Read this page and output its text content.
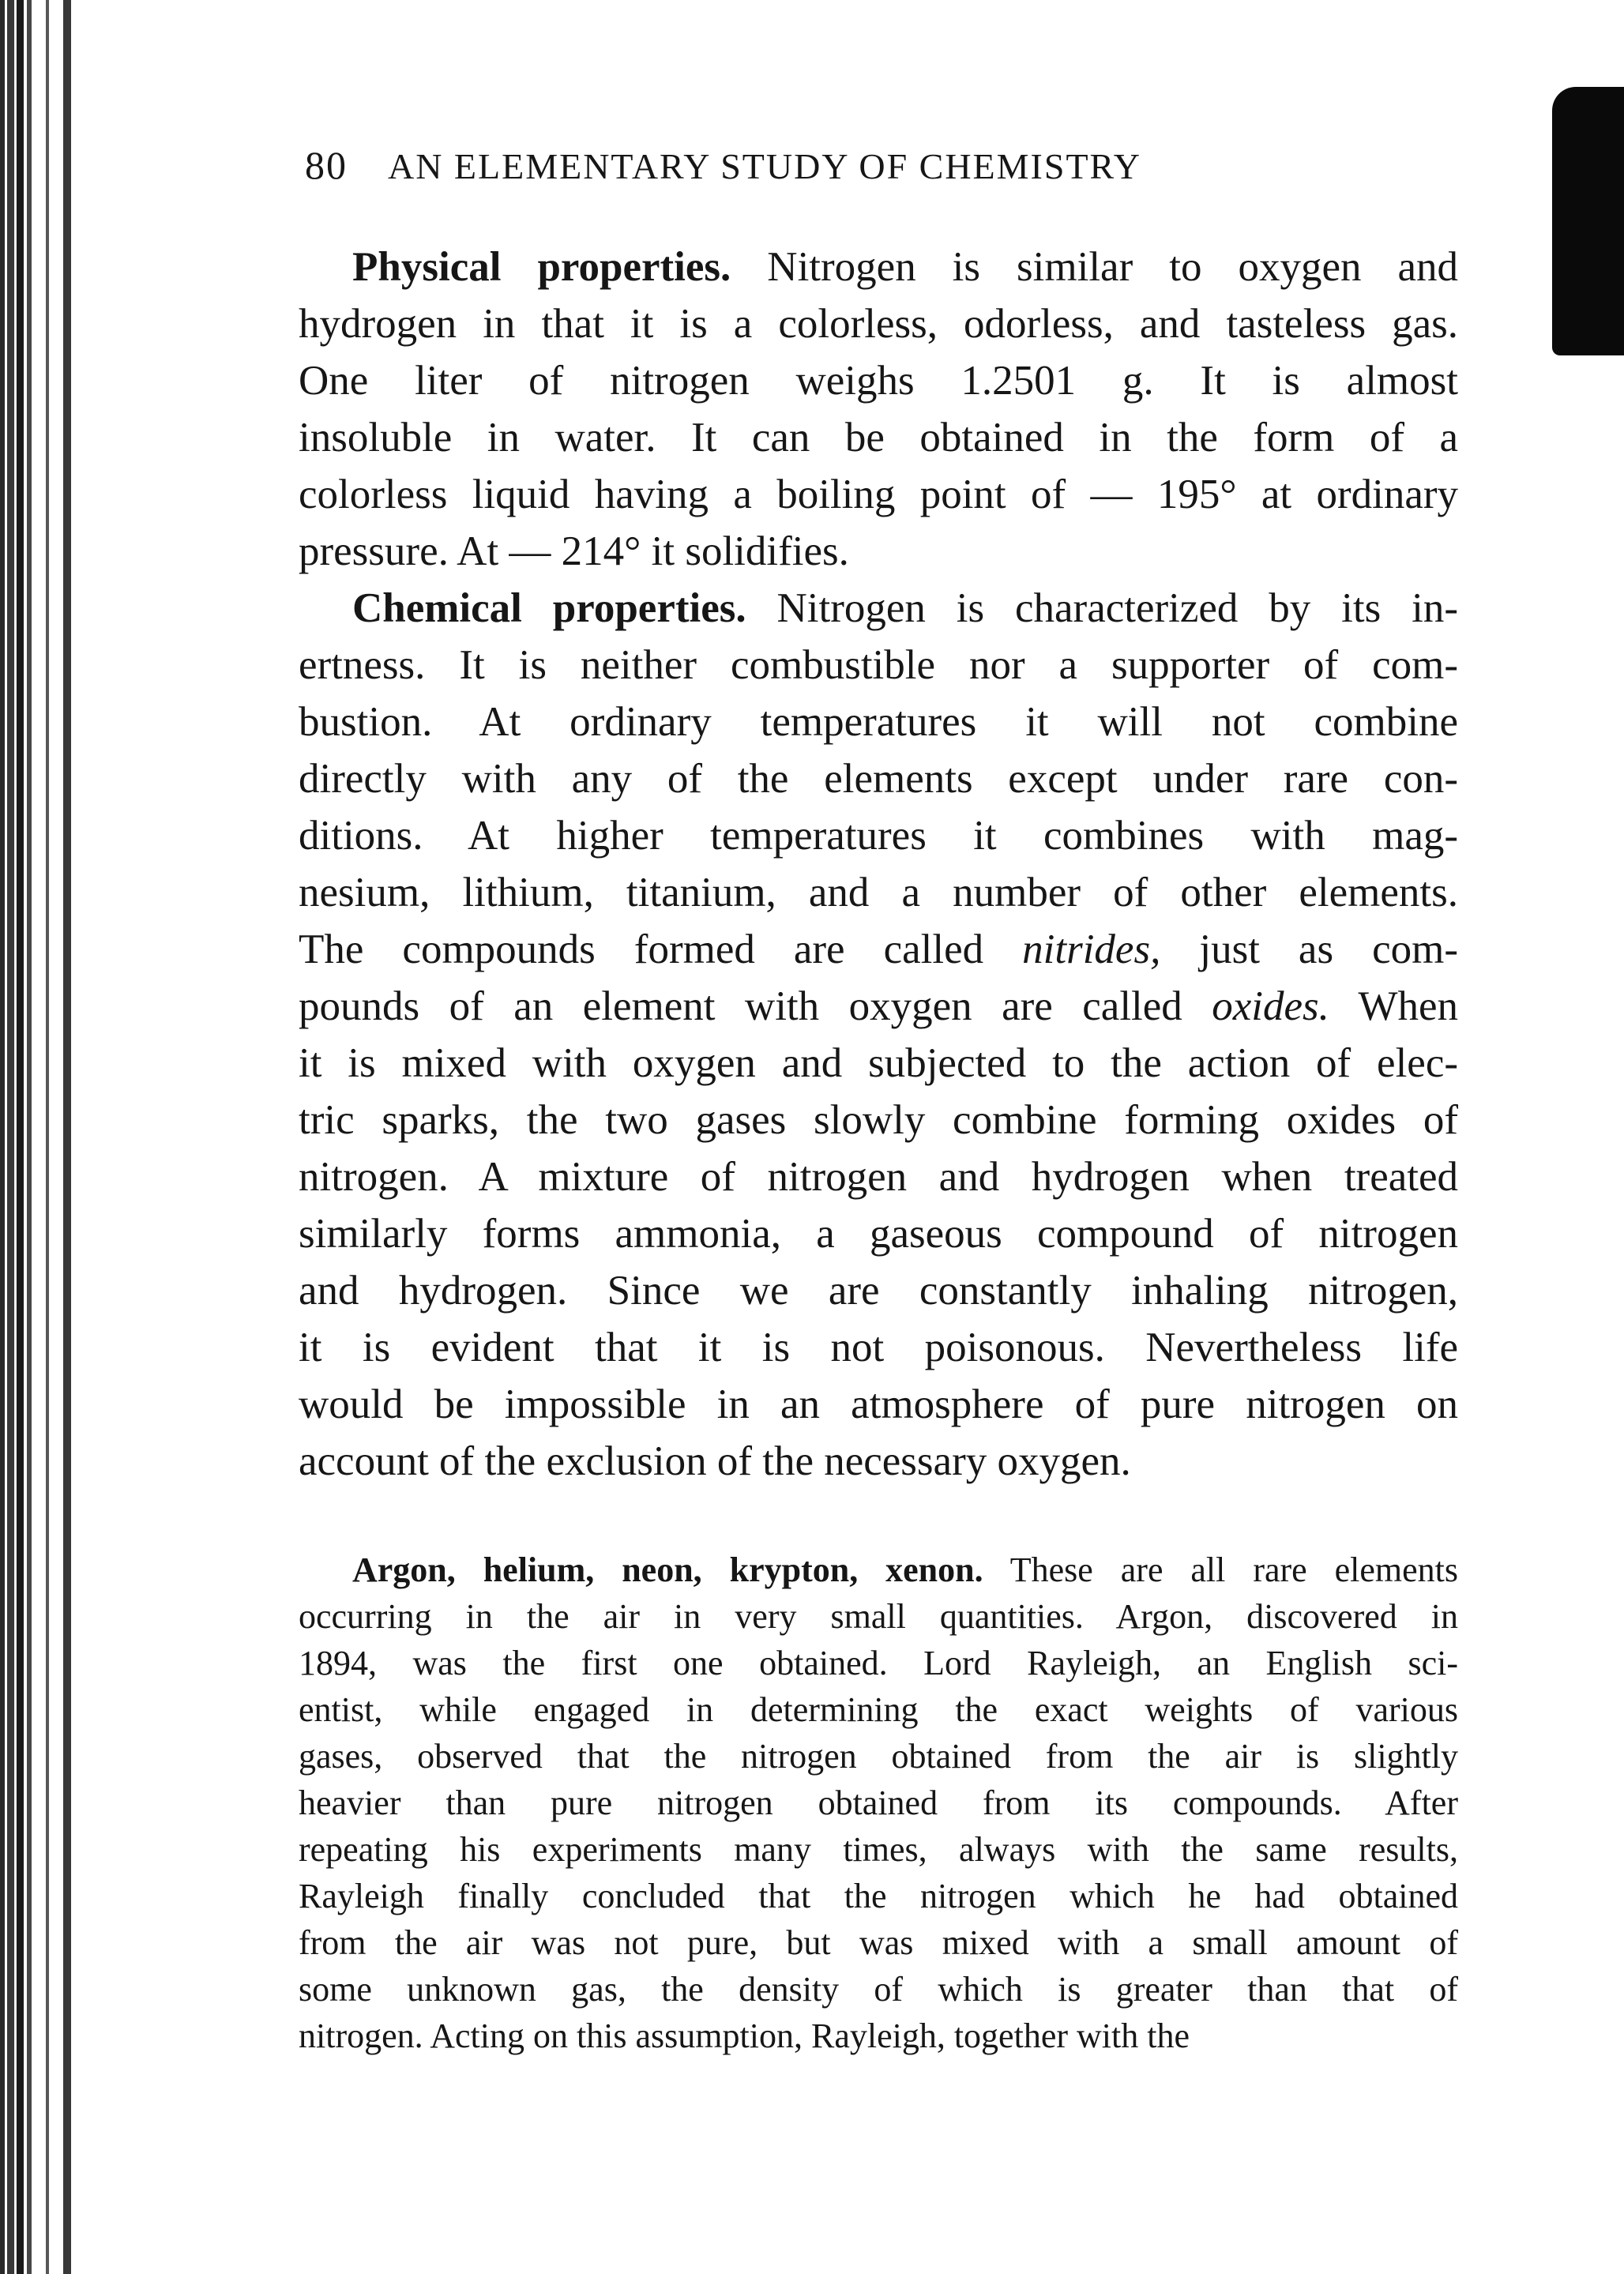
80 AN ELEMENTARY STUDY OF CHEMISTRY
Physical properties. Nitrogen is similar to oxygen and
hydrogen in that it is a colorless, odorless, and tasteless gas.
One liter of nitrogen weighs 1.2501 g. It is almost
insoluble in water. It can be obtained in the form of a
colorless liquid having a boiling point of — 195° at ordinary
pressure. At — 214° it solidifies.
Chemical properties. Nitrogen is characterized by its in-
ertness. It is neither combustible nor a supporter of com-
bustion. At ordinary temperatures it will not combine
directly with any of the elements except under rare con-
ditions. At higher temperatures it combines with mag-
nesium, lithium, titanium, and a number of other elements.
The compounds formed are called nitrides, just as com-
pounds of an element with oxygen are called oxides. When
it is mixed with oxygen and subjected to the action of elec-
tric sparks, the two gases slowly combine forming oxides of
nitrogen. A mixture of nitrogen and hydrogen when treated
similarly forms ammonia, a gaseous compound of nitrogen
and hydrogen. Since we are constantly inhaling nitrogen,
it is evident that it is not poisonous. Nevertheless life
would be impossible in an atmosphere of pure nitrogen on
account of the exclusion of the necessary oxygen.
Argon, helium, neon, krypton, xenon. These are all rare elements
occurring in the air in very small quantities. Argon, discovered in
1894, was the first one obtained. Lord Rayleigh, an English sci-
entist, while engaged in determining the exact weights of various
gases, observed that the nitrogen obtained from the air is slightly
heavier than pure nitrogen obtained from its compounds. After
repeating his experiments many times, always with the same results,
Rayleigh finally concluded that the nitrogen which he had obtained
from the air was not pure, but was mixed with a small amount of
some unknown gas, the density of which is greater than that of
nitrogen. Acting on this assumption, Rayleigh, together with the
